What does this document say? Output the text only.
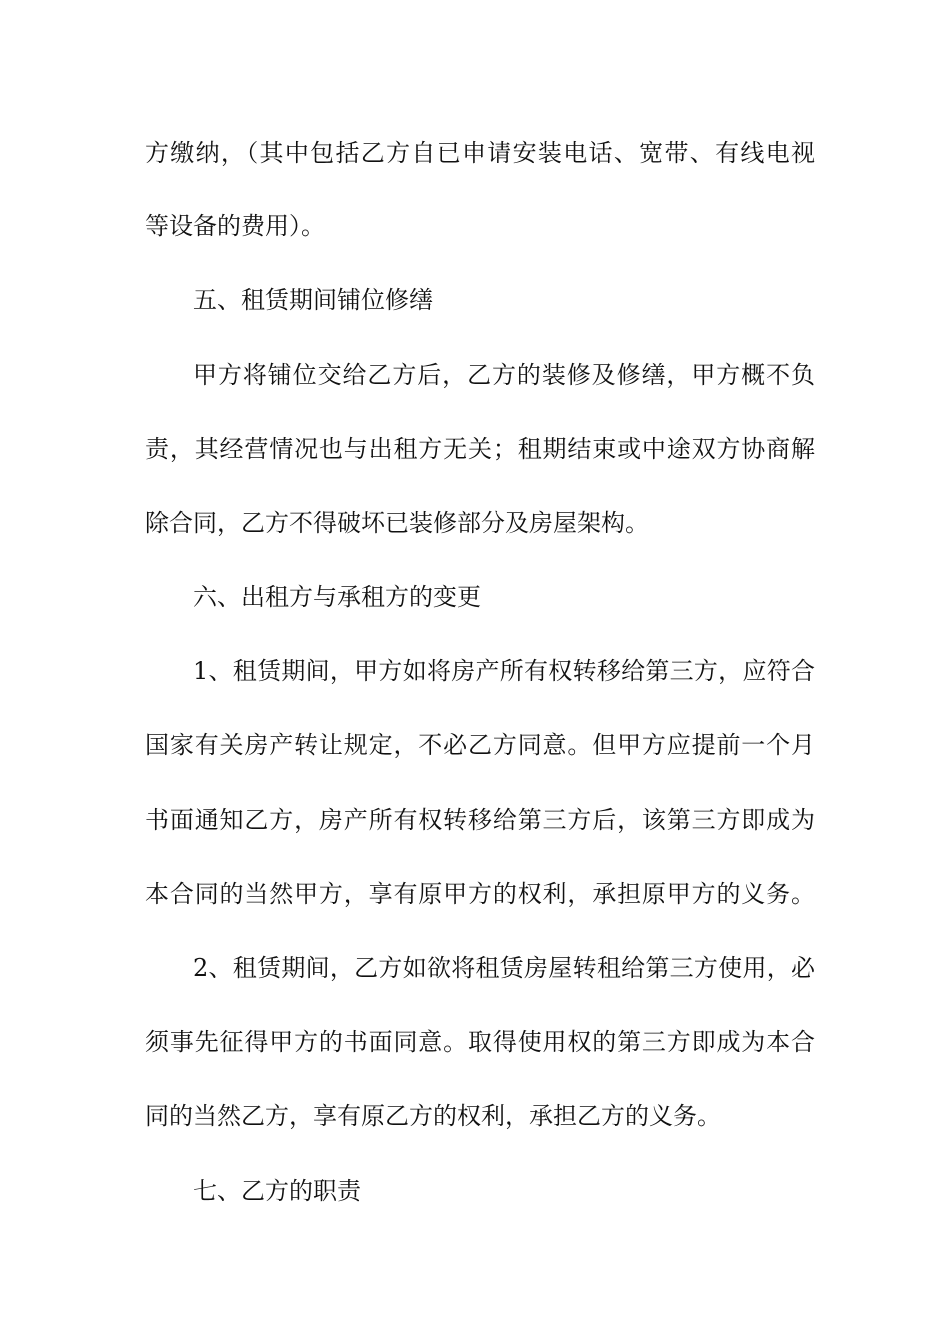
方缴纳，（其中包括乙方自已申请安装电话、宽带、有线电视
等设备的费用）。
五、租赁期间铺位修缮
甲方将铺位交给乙方后，乙方的装修及修缮，甲方概不负
责，其经营情况也与出租方无关；租期结束或中途双方协商解
除合同，乙方不得破坏已装修部分及房屋架构。
六、出租方与承租方的变更
1、租赁期间，甲方如将房产所有权转移给第三方，应符合
国家有关房产转让规定，不必乙方同意。但甲方应提前一个月
书面通知乙方，房产所有权转移给第三方后，该第三方即成为
本合同的当然甲方，享有原甲方的权利，承担原甲方的义务。
2、租赁期间，乙方如欲将租赁房屋转租给第三方使用，必
须事先征得甲方的书面同意。取得使用权的第三方即成为本合
同的当然乙方，享有原乙方的权利，承担乙方的义务。
七、乙方的职责
